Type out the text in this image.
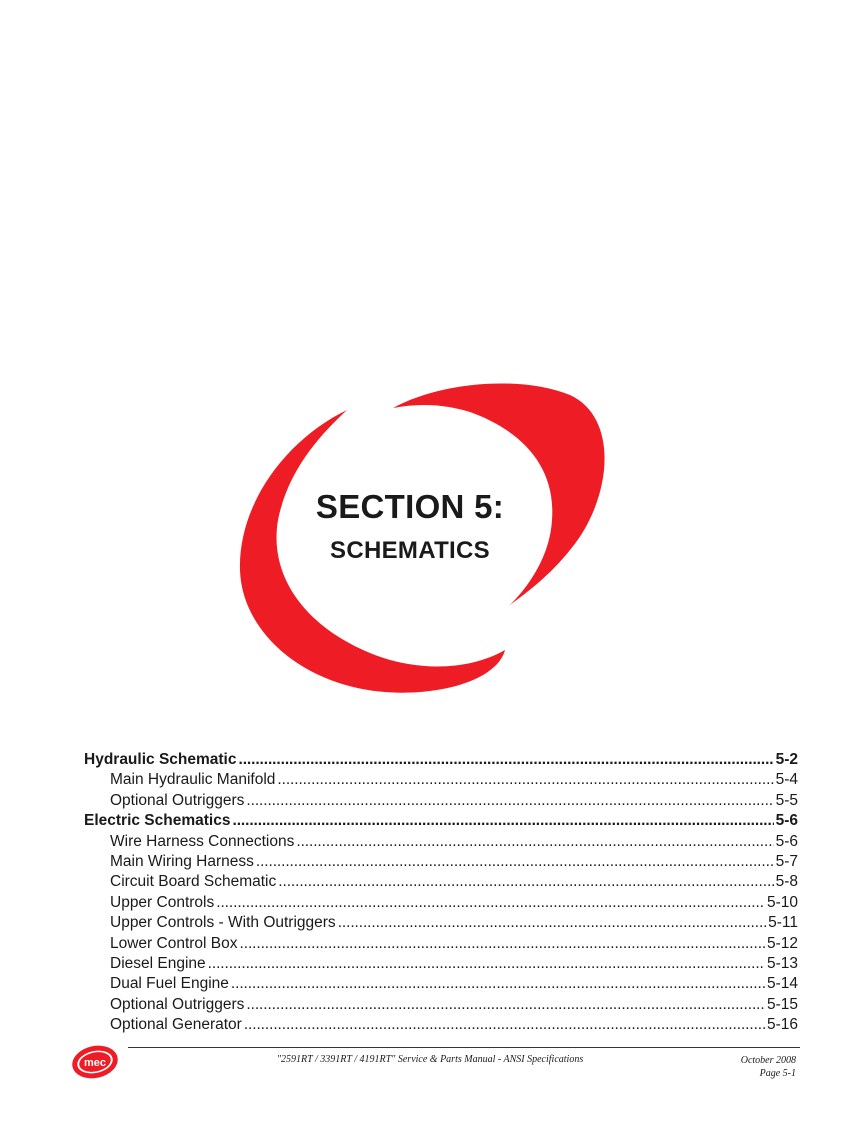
SECTION 5:
SCHEMATICS
Hydraulic Schematic . . .	5-2
Main Hydraulic Manifold . . .	5-4
Optional Outriggers . . .	5-5
Electric Schematics . . .	5-6
Wire Harness Connections . . .	5-6
Main Wiring Harness . . .	5-7
Circuit Board Schematic . . .	5-8
Upper Controls . . .	5-10
Upper Controls - With Outriggers . . .	5-11
Lower Control Box . . .	5-12
Diesel Engine . . .	5-13
Dual Fuel Engine . . .	5-14
Optional Outriggers . . .	5-15
Optional Generator . . .	5-16
mec	"2591RT / 3391RT / 4191RT" Service & Parts Manual - ANSI Specifications	October 2008
Page 5-1
